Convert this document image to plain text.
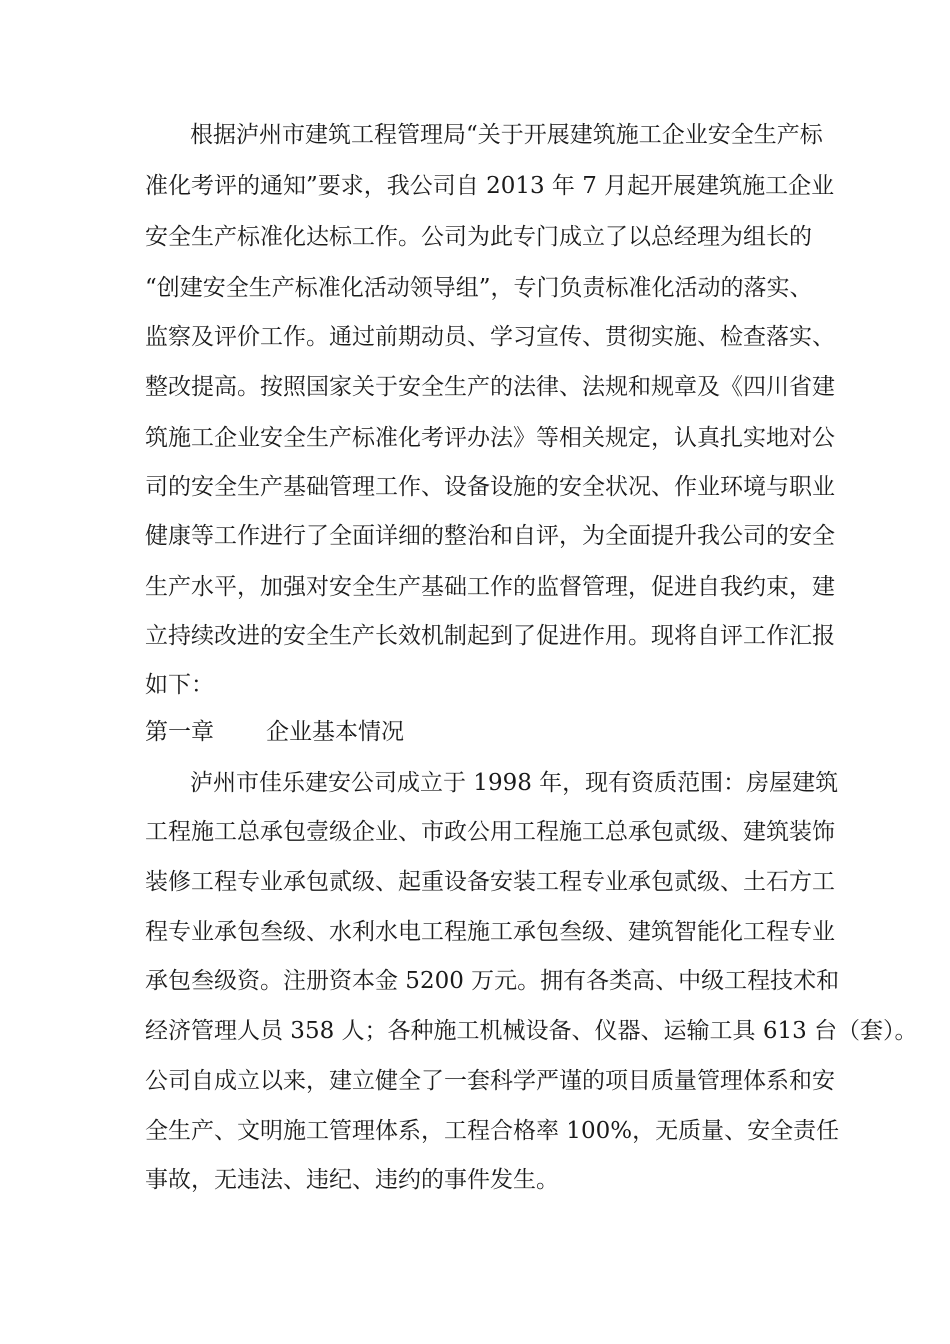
根据泸州市建筑工程管理局“关于开展建筑施工企业安全生产标
准化考评的通知”要求，我公司自 2013 年 7 月起开展建筑施工企业
安全生产标准化达标工作。公司为此专门成立了以总经理为组长的
“创建安全生产标准化活动领导组”，专门负责标准化活动的落实、
监察及评价工作。通过前期动员、学习宣传、贯彻实施、检查落实、
整改提高。按照国家关于安全生产的法律、法规和规章及《四川省建
筑施工企业安全生产标准化考评办法》等相关规定，认真扎实地对公
司的安全生产基础管理工作、设备设施的安全状况、作业环境与职业
健康等工作进行了全面详细的整治和自评，为全面提升我公司的安全
生产水平，加强对安全生产基础工作的监督管理，促进自我约束，建
立持续改进的安全生产长效机制起到了促进作用。现将自评工作汇报
如下：
第一章 企业基本情况
泸州市佳乐建安公司成立于 1998 年，现有资质范围：房屋建筑
工程施工总承包壹级企业、市政公用工程施工总承包贰级、建筑装饰
装修工程专业承包贰级、起重设备安装工程专业承包贰级、土石方工
程专业承包叁级、水利水电工程施工承包叁级、建筑智能化工程专业
承包叁级资。注册资本金 5200 万元。拥有各类高、中级工程技术和
经济管理人员 358 人；各种施工机械设备、仪器、运输工具 613 台（套）。
公司自成立以来，建立健全了一套科学严谨的项目质量管理体系和安
全生产、文明施工管理体系，工程合格率 100%，无质量、安全责任
事故，无违法、违纪、违约的事件发生。
